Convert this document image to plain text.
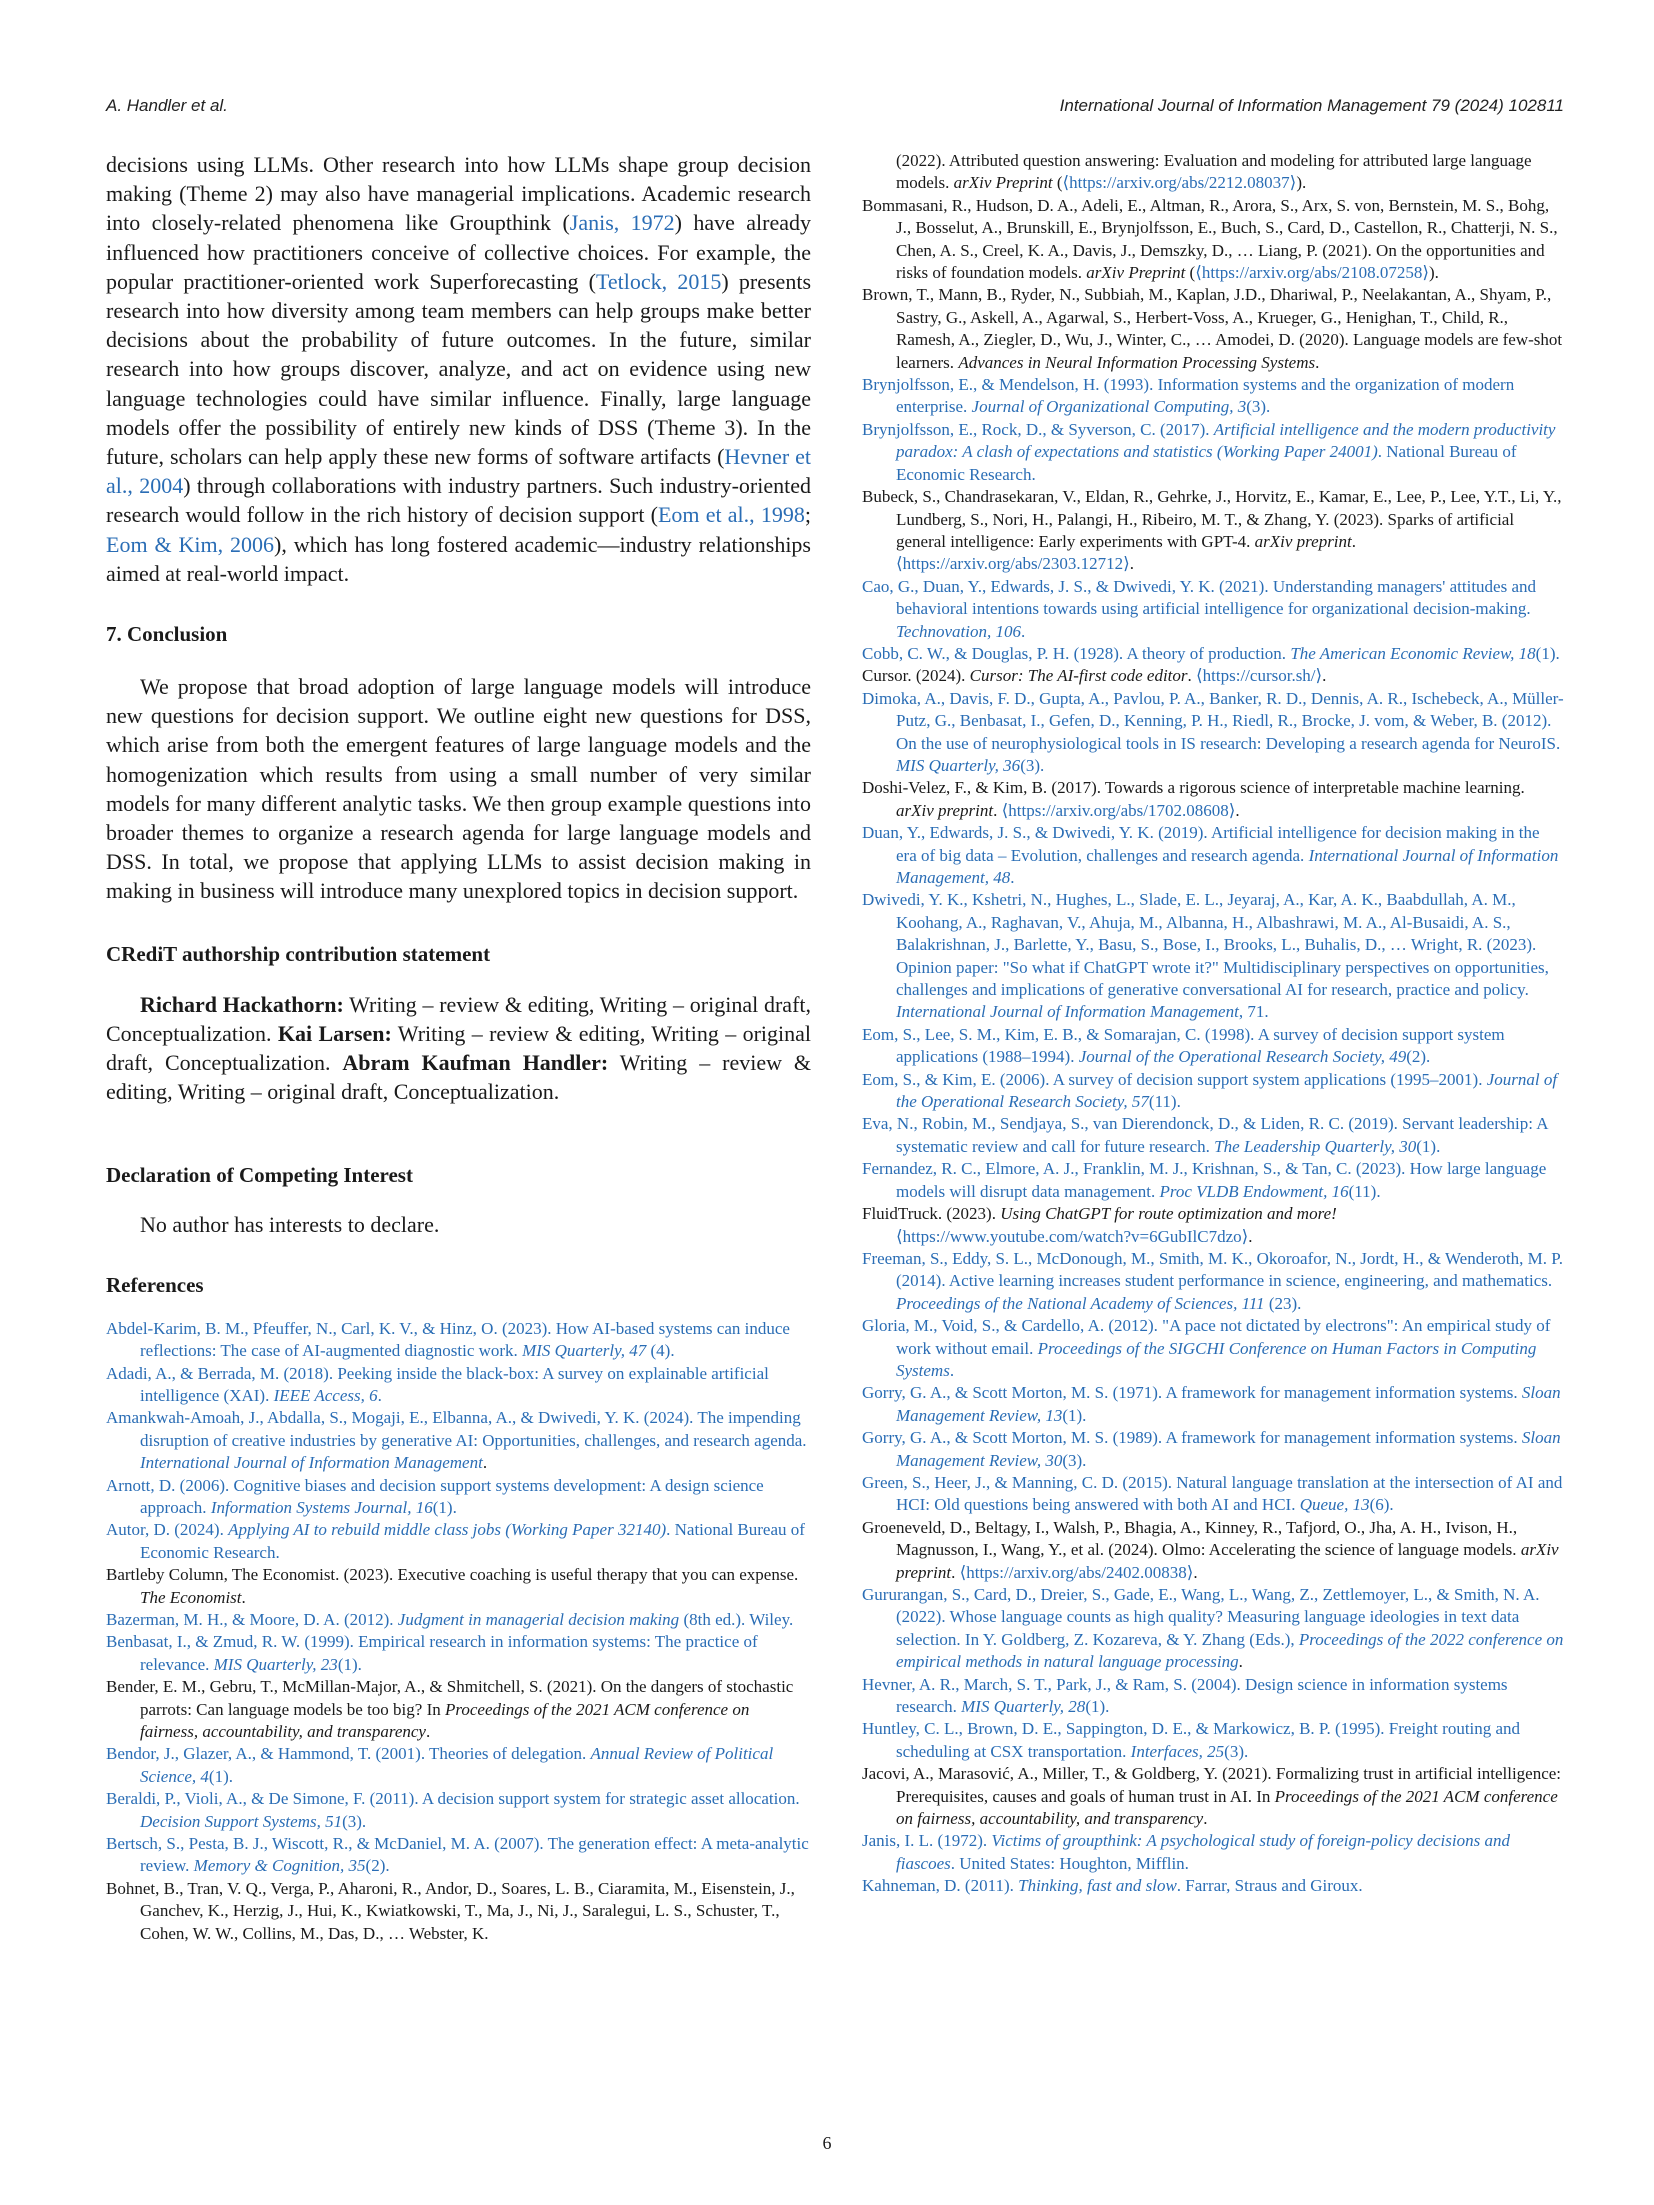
A. Handler et al.	International Journal of Information Management 79 (2024) 102811

decisions using LLMs. Other research into how LLMs shape group decision making (Theme 2) may also have managerial implications. Academic research into closely-related phenomena like Groupthink (Janis, 1972) have already influenced how practitioners conceive of collective choices. For example, the popular practitioner-oriented work Superforecasting (Tetlock, 2015) presents research into how diversity among team members can help groups make better decisions about the probability of future outcomes. In the future, similar research into how groups discover, analyze, and act on evidence using new language technologies could have similar influence. Finally, large language models offer the possibility of entirely new kinds of DSS (Theme 3). In the future, scholars can help apply these new forms of software artifacts (Hevner et al., 2004) through collaborations with industry partners. Such industry-oriented research would follow in the rich history of decision support (Eom et al., 1998; Eom & Kim, 2006), which has long fostered academic—industry relationships aimed at real-world impact.

7. Conclusion

We propose that broad adoption of large language models will introduce new questions for decision support. We outline eight new questions for DSS, which arise from both the emergent features of large language models and the homogenization which results from using a small number of very similar models for many different analytic tasks. We then group example questions into broader themes to organize a research agenda for large language models and DSS. In total, we propose that applying LLMs to assist decision making in making in business will introduce many unexplored topics in decision support.

CRediT authorship contribution statement

Richard Hackathorn: Writing – review & editing, Writing – original draft, Conceptualization. Kai Larsen: Writing – review & editing, Writing – original draft, Conceptualization. Abram Kaufman Handler: Writing – review & editing, Writing – original draft, Conceptualization.

Declaration of Competing Interest

No author has interests to declare.

References
Abdel-Karim, B. M., Pfeuffer, N., Carl, K. V., & Hinz, O. (2023). How AI-based systems can induce reflections: The case of AI-augmented diagnostic work. MIS Quarterly, 47 (4).
Adadi, A., & Berrada, M. (2018). Peeking inside the black-box: A survey on explainable artificial intelligence (XAI). IEEE Access, 6.
Amankwah-Amoah, J., Abdalla, S., Mogaji, E., Elbanna, A., & Dwivedi, Y. K. (2024). The impending disruption of creative industries by generative AI: Opportunities, challenges, and research agenda. International Journal of Information Management.
Arnott, D. (2006). Cognitive biases and decision support systems development: A design science approach. Information Systems Journal, 16(1).
Autor, D. (2024). Applying AI to rebuild middle class jobs (Working Paper 32140). National Bureau of Economic Research.
Bartleby Column, The Economist. (2023). Executive coaching is useful therapy that you can expense. The Economist.
Bazerman, M. H., & Moore, D. A. (2012). Judgment in managerial decision making (8th ed.). Wiley.
Benbasat, I., & Zmud, R. W. (1999). Empirical research in information systems: The practice of relevance. MIS Quarterly, 23(1).
Bender, E. M., Gebru, T., McMillan-Major, A., & Shmitchell, S. (2021). On the dangers of stochastic parrots: Can language models be too big? In Proceedings of the 2021 ACM conference on fairness, accountability, and transparency.
Bendor, J., Glazer, A., & Hammond, T. (2001). Theories of delegation. Annual Review of Political Science, 4(1).
Beraldi, P., Violi, A., & De Simone, F. (2011). A decision support system for strategic asset allocation. Decision Support Systems, 51(3).
Bertsch, S., Pesta, B. J., Wiscott, R., & McDaniel, M. A. (2007). The generation effect: A meta-analytic review. Memory & Cognition, 35(2).
Bohnet, B., Tran, V. Q., Verga, P., Aharoni, R., Andor, D., Soares, L. B., Ciaramita, M., Eisenstein, J., Ganchev, K., Herzig, J., Hui, K., Kwiatkowski, T., Ma, J., Ni, J., Saralegui, L. S., Schuster, T., Cohen, W. W., Collins, M., Das, D., … Webster, K.
(2022). Attributed question answering: Evaluation and modeling for attributed large language models. arXiv Preprint (⟨https://arxiv.org/abs/2212.08037⟩).
Bommasani, R., Hudson, D. A., Adeli, E., Altman, R., Arora, S., Arx, S. von, Bernstein, M. S., Bohg, J., Bosselut, A., Brunskill, E., Brynjolfsson, E., Buch, S., Card, D., Castellon, R., Chatterji, N. S., Chen, A. S., Creel, K. A., Davis, J., Demszky, D., … Liang, P. (2021). On the opportunities and risks of foundation models. arXiv Preprint (⟨https://arxiv.org/abs/2108.07258⟩).
Brown, T., Mann, B., Ryder, N., Subbiah, M., Kaplan, J.D., Dhariwal, P., Neelakantan, A., Shyam, P., Sastry, G., Askell, A., Agarwal, S., Herbert-Voss, A., Krueger, G., Henighan, T., Child, R., Ramesh, A., Ziegler, D., Wu, J., Winter, C., … Amodei, D. (2020). Language models are few-shot learners. Advances in Neural Information Processing Systems.
Brynjolfsson, E., & Mendelson, H. (1993). Information systems and the organization of modern enterprise. Journal of Organizational Computing, 3(3).
Brynjolfsson, E., Rock, D., & Syverson, C. (2017). Artificial intelligence and the modern productivity paradox: A clash of expectations and statistics (Working Paper 24001). National Bureau of Economic Research.
Bubeck, S., Chandrasekaran, V., Eldan, R., Gehrke, J., Horvitz, E., Kamar, E., Lee, P., Lee, Y.T., Li, Y., Lundberg, S., Nori, H., Palangi, H., Ribeiro, M. T., & Zhang, Y. (2023). Sparks of artificial general intelligence: Early experiments with GPT-4. arXiv preprint. ⟨https://arxiv.org/abs/2303.12712⟩.
Cao, G., Duan, Y., Edwards, J. S., & Dwivedi, Y. K. (2021). Understanding managers' attitudes and behavioral intentions towards using artificial intelligence for organizational decision-making. Technovation, 106.
Cobb, C. W., & Douglas, P. H. (1928). A theory of production. The American Economic Review, 18(1).
Cursor. (2024). Cursor: The AI-first code editor. ⟨https://cursor.sh/⟩.
Dimoka, A., Davis, F. D., Gupta, A., Pavlou, P. A., Banker, R. D., Dennis, A. R., Ischebeck, A., Müller-Putz, G., Benbasat, I., Gefen, D., Kenning, P. H., Riedl, R., Brocke, J. vom, & Weber, B. (2012). On the use of neurophysiological tools in IS research: Developing a research agenda for NeuroIS. MIS Quarterly, 36(3).
Doshi-Velez, F., & Kim, B. (2017). Towards a rigorous science of interpretable machine learning. arXiv preprint. ⟨https://arxiv.org/abs/1702.08608⟩.
Duan, Y., Edwards, J. S., & Dwivedi, Y. K. (2019). Artificial intelligence for decision making in the era of big data – Evolution, challenges and research agenda. International Journal of Information Management, 48.
Dwivedi, Y. K., Kshetri, N., Hughes, L., Slade, E. L., Jeyaraj, A., Kar, A. K., Baabdullah, A. M., Koohang, A., Raghavan, V., Ahuja, M., Albanna, H., Albashrawi, M. A., Al-Busaidi, A. S., Balakrishnan, J., Barlette, Y., Basu, S., Bose, I., Brooks, L., Buhalis, D., … Wright, R. (2023). Opinion paper: "So what if ChatGPT wrote it?" Multidisciplinary perspectives on opportunities, challenges and implications of generative conversational AI for research, practice and policy. International Journal of Information Management, 71.
Eom, S., Lee, S. M., Kim, E. B., & Somarajan, C. (1998). A survey of decision support system applications (1988–1994). Journal of the Operational Research Society, 49(2).
Eom, S., & Kim, E. (2006). A survey of decision support system applications (1995–2001). Journal of the Operational Research Society, 57(11).
Eva, N., Robin, M., Sendjaya, S., van Dierendonck, D., & Liden, R. C. (2019). Servant leadership: A systematic review and call for future research. The Leadership Quarterly, 30(1).
Fernandez, R. C., Elmore, A. J., Franklin, M. J., Krishnan, S., & Tan, C. (2023). How large language models will disrupt data management. Proc VLDB Endowment, 16(11).
FluidTruck. (2023). Using ChatGPT for route optimization and more! ⟨https://www.youtube.com/watch?v=6GubIlC7dzo⟩.
Freeman, S., Eddy, S. L., McDonough, M., Smith, M. K., Okoroafor, N., Jordt, H., & Wenderoth, M. P. (2014). Active learning increases student performance in science, engineering, and mathematics. Proceedings of the National Academy of Sciences, 111 (23).
Gloria, M., Void, S., & Cardello, A. (2012). "A pace not dictated by electrons": An empirical study of work without email. Proceedings of the SIGCHI Conference on Human Factors in Computing Systems.
Gorry, G. A., & Scott Morton, M. S. (1971). A framework for management information systems. Sloan Management Review, 13(1).
Gorry, G. A., & Scott Morton, M. S. (1989). A framework for management information systems. Sloan Management Review, 30(3).
Green, S., Heer, J., & Manning, C. D. (2015). Natural language translation at the intersection of AI and HCI: Old questions being answered with both AI and HCI. Queue, 13(6).
Groeneveld, D., Beltagy, I., Walsh, P., Bhagia, A., Kinney, R., Tafjord, O., Jha, A. H., Ivison, H., Magnusson, I., Wang, Y., et al. (2024). Olmo: Accelerating the science of language models. arXiv preprint. ⟨https://arxiv.org/abs/2402.00838⟩.
Gururangan, S., Card, D., Dreier, S., Gade, E., Wang, L., Wang, Z., Zettlemoyer, L., & Smith, N. A. (2022). Whose language counts as high quality? Measuring language ideologies in text data selection. In Y. Goldberg, Z. Kozareva, & Y. Zhang (Eds.), Proceedings of the 2022 conference on empirical methods in natural language processing.
Hevner, A. R., March, S. T., Park, J., & Ram, S. (2004). Design science in information systems research. MIS Quarterly, 28(1).
Huntley, C. L., Brown, D. E., Sappington, D. E., & Markowicz, B. P. (1995). Freight routing and scheduling at CSX transportation. Interfaces, 25(3).
Jacovi, A., Marasović, A., Miller, T., & Goldberg, Y. (2021). Formalizing trust in artificial intelligence: Prerequisites, causes and goals of human trust in AI. In Proceedings of the 2021 ACM conference on fairness, accountability, and transparency.
Janis, I. L. (1972). Victims of groupthink: A psychological study of foreign-policy decisions and fiascoes. United States: Houghton, Mifflin.
Kahneman, D. (2011). Thinking, fast and slow. Farrar, Straus and Giroux.
6
